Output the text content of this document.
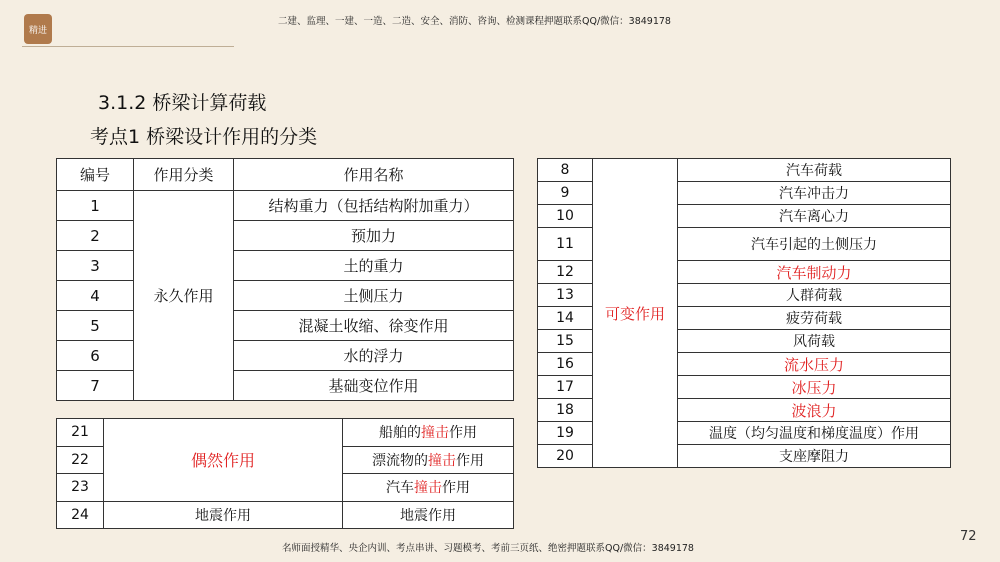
精进
二建、监理、一建、一造、二造、安全、消防、咨询、检测课程押题联系QQ/微信：3849178
3.1.2 桥梁计算荷载
考点1 桥梁设计作用的分类
编号	作用分类	作用名称
1	永久作用	结构重力（包括结构附加重力）
2		预加力
3		土的重力
4		土侧压力
5		混凝土收缩、徐变作用
6		水的浮力
7		基础变位作用
21	偶然作用	船舶的撞击作用
22		漂流物的撞击作用
23		汽车撞击作用
24	地震作用	地震作用
8	可变作用	汽车荷载
9		汽车冲击力
10		汽车离心力
11		汽车引起的土侧压力
12		汽车制动力
13		人群荷载
14		疲劳荷载
15		风荷载
16		流水压力
17		冰压力
18		波浪力
19		温度（均匀温度和梯度温度）作用
20		支座摩阻力
名师面授精华、央企内训、考点串讲、习题模考、考前三页纸、绝密押题联系QQ/微信：3849178
72
